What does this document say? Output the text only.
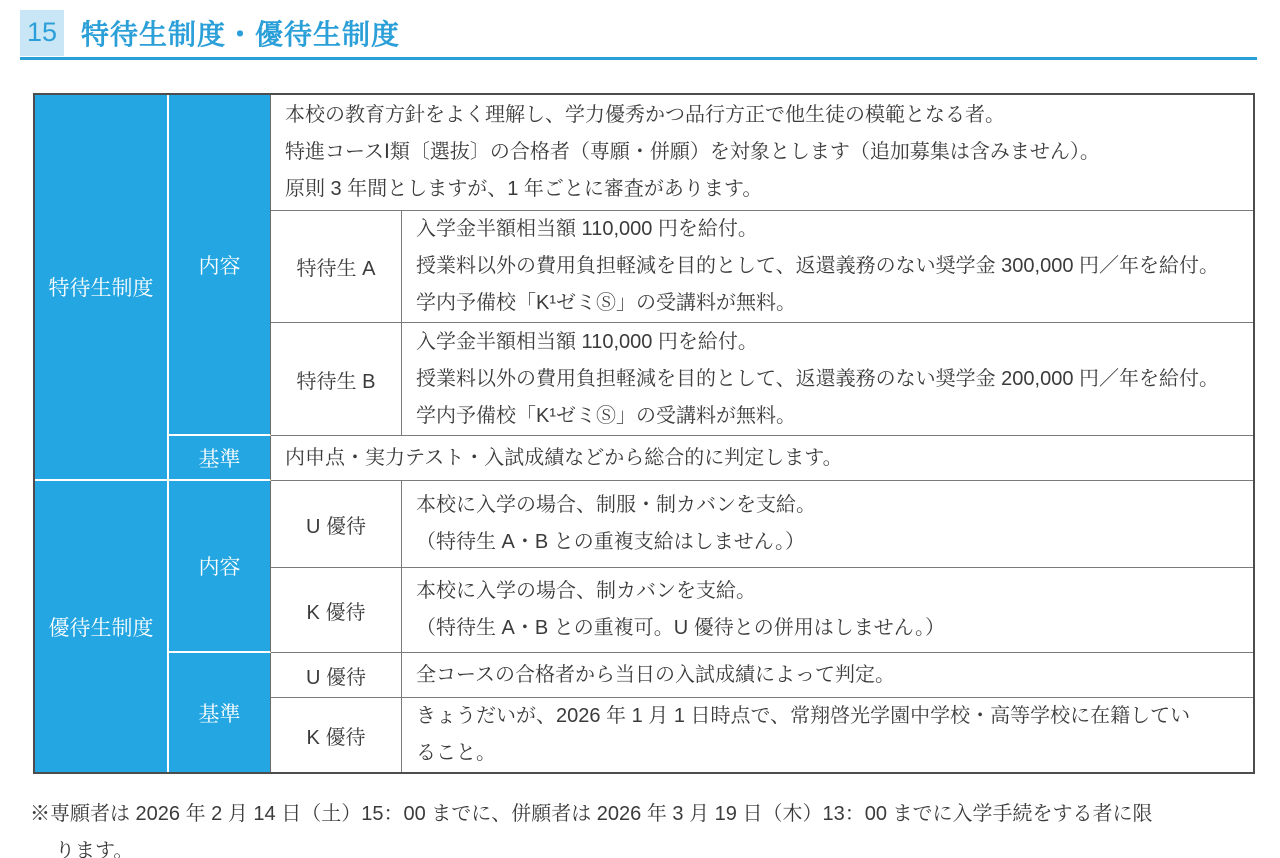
15 特待生制度・優待生制度
特待生制度	内容	本校の教育方針をよく理解し、学力優秀かつ品行方正で他生徒の模範となる者。
特進コースⅠ類〔選抜〕の合格者（専願・併願）を対象とします（追加募集は含みません）。
原則 3 年間としますが、1 年ごとに審査があります。	

		特待生 A	入学金半額相当額 110,000 円を給付。
授業料以外の費用負担軽減を目的として、返還義務のない奨学金 300,000 円／年を給付。
学内予備校「K¹ゼミⓈ」の受講料が無料。

		特待生 B	入学金半額相当額 110,000 円を給付。
授業料以外の費用負担軽減を目的として、返還義務のない奨学金 200,000 円／年を給付。
学内予備校「K¹ゼミⓈ」の受講料が無料。

	基準	内申点・実力テスト・入試成績などから総合的に判定します。	

優待生制度	内容	U 優待	本校に入学の場合、制服・制カバンを支給。
（特待生 A・B との重複支給はしません。）

		K 優待	本校に入学の場合、制カバンを支給。
（特待生 A・B との重複可。U 優待との併用はしません。）

	基準	U 優待	全コースの合格者から当日の入試成績によって判定。

		K 優待	きょうだいが、2026 年 1 月 1 日時点で、常翔啓光学園中学校・高等学校に在籍してい
ること。
※専願者は 2026 年 2 月 14 日（土）15：00 までに、併願者は 2026 年 3 月 19 日（木）13：00 までに入学手続をする者に限
ります。
